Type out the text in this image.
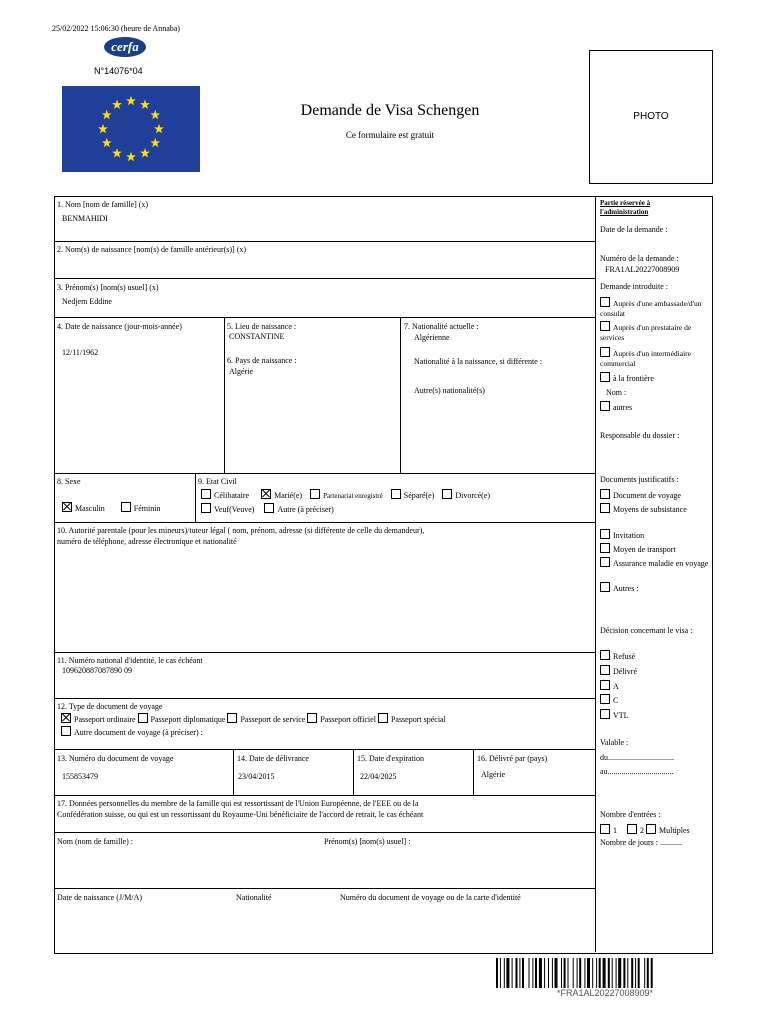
25/02/2022 15:06:30 (heure de Annaba)
cerfa
N°14076*04
Demande de Visa Schengen
Ce formulaire est gratuit
PHOTO
1. Nom [nom de famille] (x)
BENMAHIDI
2. Nom(s) de naissance [nom(s) de famille antérieur(s)] (x)
3. Prénom(s) [nom(s) usuel] (x)
Nedjem Eddine
4. Date de naissance (jour-mois-année)
12/11/1962
5. Lieu de naissance :
CONSTANTINE
6. Pays de naissance :
Algérie
7. Nationalité actuelle :
Algérienne
Nationalité à la naissance, si différente :
Autre(s) nationalité(s)
8. Sexe
Masculin	Féminin
9. Etat Civil
Célibataire	Marié(e)	Partenariat enregistré	Séparé(e)	Divorcé(e)
Veuf(Veuve)	Autre (à préciser)
10. Autorité parentale (pour les mineurs)/tuteur légal ( nom, prénom, adresse (si différente de celle du demandeur),
numéro de téléphone, adresse électronique et nationalité
11. Numéro national d'identité, le cas échéant
109620887087890 09
12. Type de document de voyage
Passeport ordinaire Passeport diplomatique Passeport de service Passeport officiel Passeport spécial
Autre document de voyage (à préciser) :
13. Numéro du document de voyage
155853479
14. Date de délivrance
23/04/2015
15. Date d'expiration
22/04/2025
16. Délivré par (pays)
Algérie
17. Données personnelles du membre de la famille qui est ressortissant de l'Union Européenne, de l'EEE ou de la
Confédération suisse, ou qui est un ressortissant du Royaume-Uni bénéficiaire de l'accord de retrait, le cas échéant
Nom (nom de famille) :	Prénom(s) [nom(s) usuel] :
Date de naissance (J/M/A)	Nationalité	Numéro du document de voyage ou de la carte d'identité
Partie réservée à l'administration
Date de la demande :
Numéro de la demande :
FRA1AL20227008909
Demande introduite :
Auprès d'une ambassade/d'un consulat
Auprès d'un prestataire de services
Auprès d'un intermédiaire commercial
à la frontière
Nom :
autres
Responsable du dossier :
Documents justificatifs :
Document de voyage
Moyens de subsistance
Invitation
Moyen de transport
Assurance maladie en voyage
Autres :
Décision concernant le visa :
Refusé
Délivré
A
C
VTL
Valable :
du.................................
au.................................
Nombre d'entrées :
1	2 Multiples
Nombre de jours : ...........
*FRA1AL20227008909*
